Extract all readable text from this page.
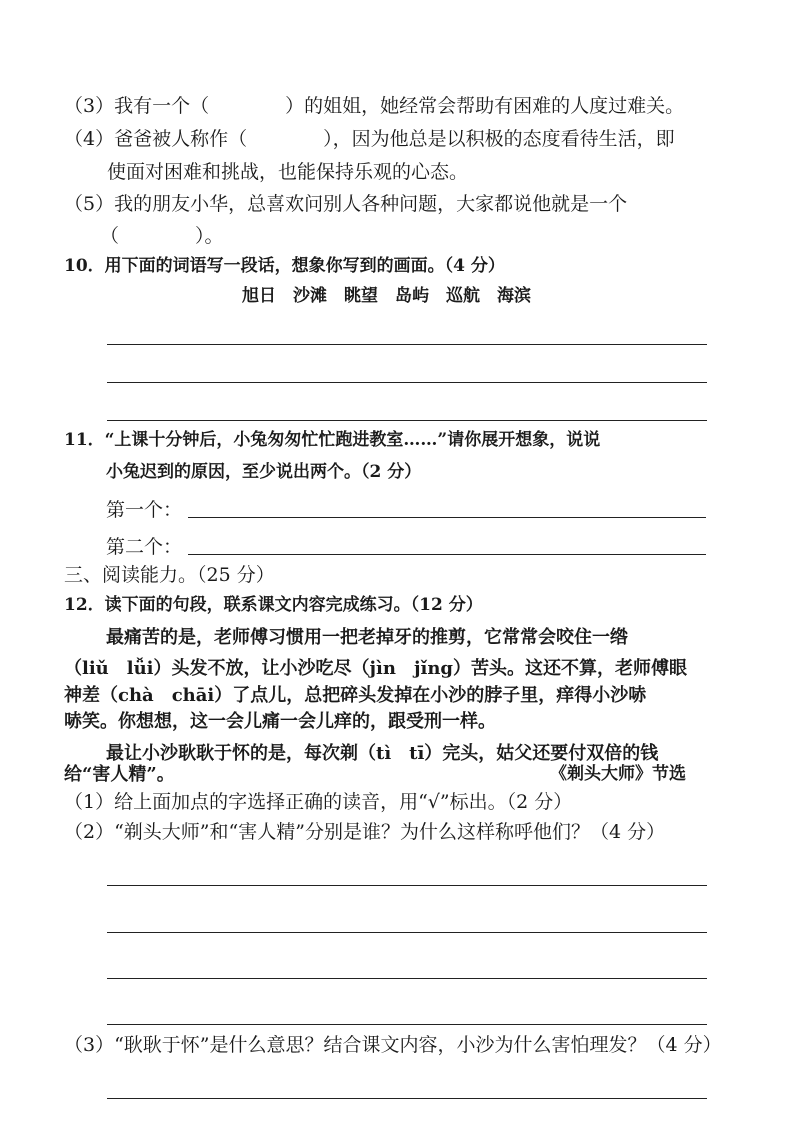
（3）我有一个（　　　　）的姐姐，她经常会帮助有困难的人度过难关。
（4）爸爸被人称作（　　　　），因为他总是以积极的态度看待生活，即
使面对困难和挑战，也能保持乐观的心态。
（5）我的朋友小华，总喜欢问别人各种问题，大家都说他就是一个
（　　　　）。
10．用下面的词语写一段话，想象你写到的画面。（4 分）
旭日　沙滩　眺望　岛屿　巡航　海滨
11．“上课十分钟后，小兔匆匆忙忙跑进教室……”请你展开想象，说说
小兔迟到的原因，至少说出两个。（2 分）
第一个：
第二个：
三、阅读能力。（25 分）
12．读下面的句段，联系课文内容完成练习。（12 分）
最痛苦的是，老师傅习惯用一把老掉牙的推剪，它常常会咬住一绺
（liǔ　lǚi）头发不放，让小沙吃尽（jìn　jǐng）苦头。这还不算，老师傅眼
神差（chà　chāi）了点儿，总把碎头发掉在小沙的脖子里，痒得小沙哧
哧笑。你想想，这一会儿痛一会儿痒的，跟受刑一样。
最让小沙耿耿于怀的是，每次剃（tì　tī）完头，姑父还要付双倍的钱
给“害人精”。	《剃头大师》节选
（1）给上面加点的字选择正确的读音，用“√”标出。（2 分）
（2）“剃头大师”和“害人精”分别是谁？为什么这样称呼他们？（4 分）
（3）“耿耿于怀”是什么意思？结合课文内容，小沙为什么害怕理发？（4 分）
